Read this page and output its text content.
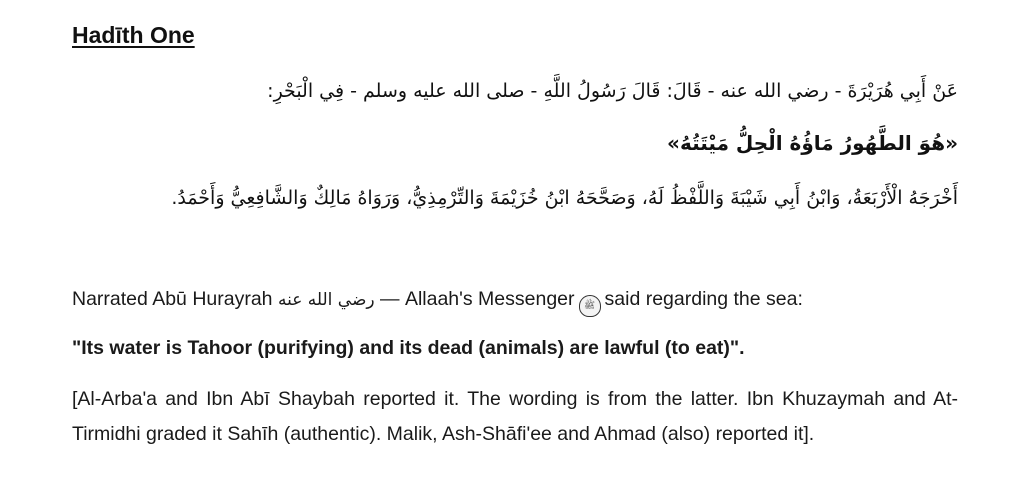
Hadīth One
عَنْ أَبِي هُرَيْرَةَ - رضي الله عنه - قَالَ: قَالَ رَسُولُ اللَّهِ - صلى الله عليه وسلم - فِي الْبَحْرِ:
«هُوَ الطَّهُورُ مَاؤُهُ الْحِلُّ مَيْتَتُهُ»
أَخْرَجَهُ الْأَرْبَعَةُ، وَابْنُ أَبِي شَيْبَةَ وَاللَّفْظُ لَهُ، وَصَحَّحَهُ ابْنُ خُزَيْمَةَ وَالتِّرْمِذِيُّ، وَرَوَاهُ مَالِكٌ وَالشَّافِعِيُّ وَأَحْمَدُ.
Narrated Abū Hurayrah رضي الله عنه — Allaah's Messenger ﷺ said regarding the sea:
"Its water is Tahoor (purifying) and its dead (animals) are lawful (to eat)".
[Al-Arba'a and Ibn Abī Shaybah reported it. The wording is from the latter. Ibn Khuzaymah and At-Tirmidhi graded it Sahīh (authentic). Malik, Ash-Shāfi'ee and Ahmad (also) reported it].
